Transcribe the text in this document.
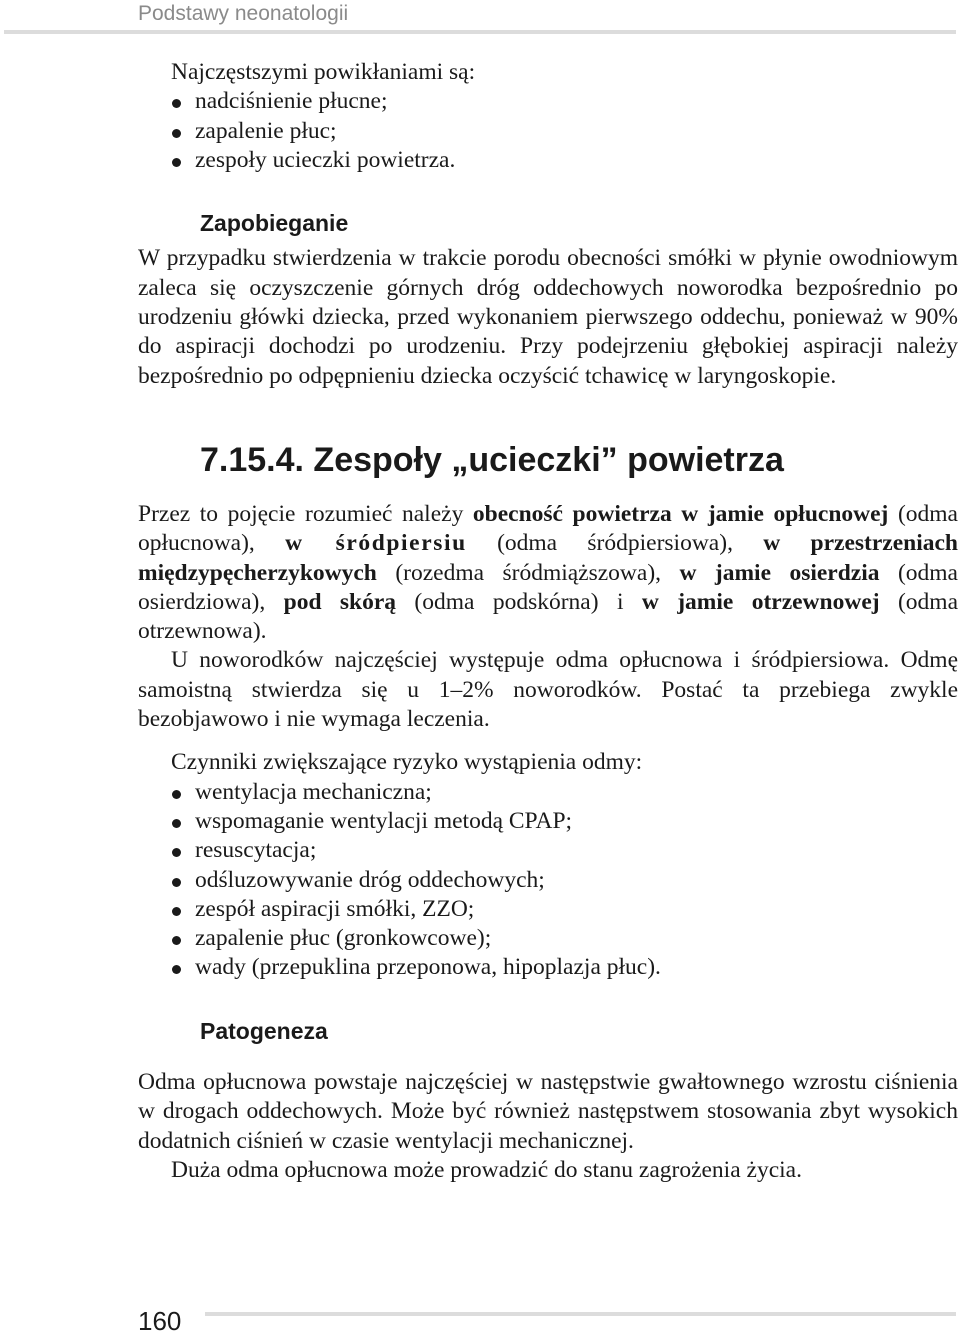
Podstawy neonatologii

Najczęstszymi powikłaniami są:

nadciśnienie płucne;
zapalenie płuc;
zespoły ucieczki powietrza.
Zapobieganie

W przypadku stwierdzenia w trakcie porodu obecności smółki w płynie owodniowym zaleca się oczyszczenie górnych dróg oddechowych noworodka bezpośrednio po urodzeniu główki dziecka, przed wykonaniem pierwszego oddechu, ponieważ w 90% do aspiracji dochodzi po urodzeniu. Przy podejrzeniu głębokiej aspiracji należy bezpośrednio po odpępnieniu dziecka oczyścić tchawicę w laryngoskopie.

7.15.4. Zespoły „ucieczki” powietrza

Przez to pojęcie rozumieć należy obecność powietrza w jamie opłucnowej (odma opłucnowa), w śródpiersiu (odma śródpiersiowa), w przestrzeniach międzypęcherzykowych (rozedma śródmiąższowa), w jamie osierdzia (odma osierdziowa), pod skórą (odma podskórna) i w jamie otrzewnowej (odma otrzewnowa).

U noworodków najczęściej występuje odma opłucnowa i śródpiersiowa. Odmę samoistną stwierdza się u 1–2% noworodków. Postać ta przebiega zwykle bezobjawowo i nie wymaga leczenia.

Czynniki zwiększające ryzyko wystąpienia odmy:

wentylacja mechaniczna;
wspomaganie wentylacji metodą CPAP;
resuscytacja;
odśluzowywanie dróg oddechowych;
zespół aspiracji smółki, ZZO;
zapalenie płuc (gronkowcowe);
wady (przepuklina przeponowa, hipoplazja płuc).
Patogeneza

Odma opłucnowa powstaje najczęściej w następstwie gwałtownego wzrostu ciśnienia w drogach oddechowych. Może być również następstwem stosowania zbyt wysokich dodatnich ciśnień w czasie wentylacji mechanicznej.

Duża odma opłucnowa może prowadzić do stanu zagrożenia życia.

160
